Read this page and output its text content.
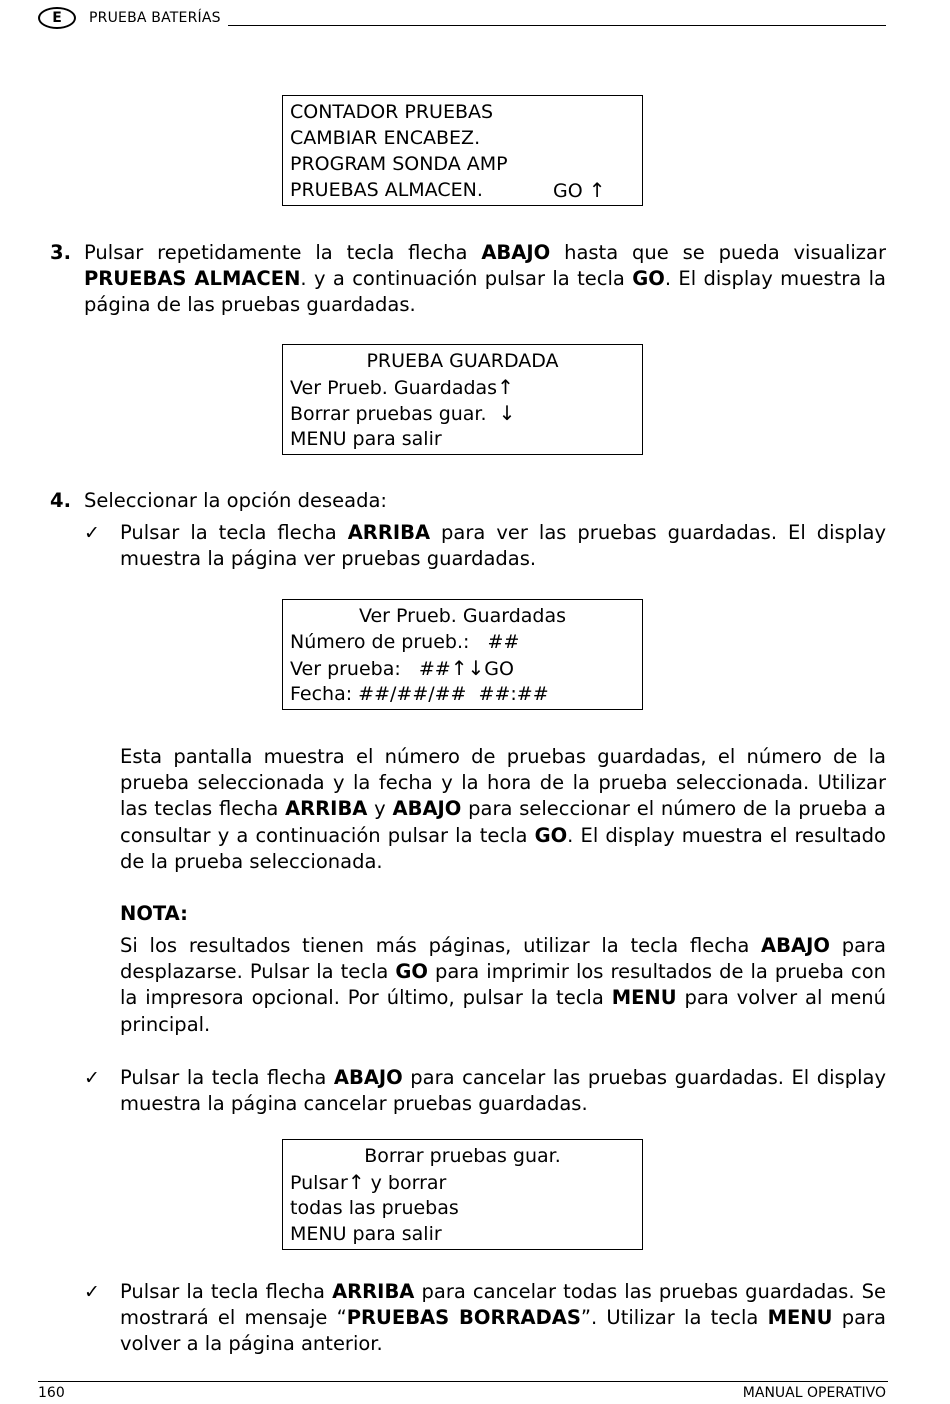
E	PRUEBA BATERÍAS
CONTADOR PRUEBAS
CAMBIAR ENCABEZ.
PROGRAM SONDA AMP
PRUEBAS ALMACEN.	GO ↑
3. Pulsar repetidamente la tecla flecha ABAJO hasta que se pueda visualizar PRUEBAS ALMACEN. y a continuación pulsar la tecla GO. El display muestra la página de las pruebas guardadas.
PRUEBA GUARDADA
Ver Prueb. Guardadas↑
Borrar pruebas guar. ↓
MENU para salir
4. Seleccionar la opción deseada:
✓ Pulsar la tecla flecha ARRIBA para ver las pruebas guardadas. El display muestra la página ver pruebas guardadas.
Ver Prueb. Guardadas
Número de prueb.:   ##
Ver prueba:   ##↑↓GO
Fecha: ##/##/##  ##:##
Esta pantalla muestra el número de pruebas guardadas, el número de la prueba seleccionada y la fecha y la hora de la prueba seleccionada. Utilizar las teclas flecha ARRIBA y ABAJO para seleccionar el número de la prueba a consultar y a continuación pulsar la tecla GO. El display muestra el resultado de la prueba seleccionada.
NOTA:
Si los resultados tienen más páginas, utilizar la tecla flecha ABAJO para desplazarse. Pulsar la tecla GO para imprimir los resultados de la prueba con la impresora opcional. Por último, pulsar la tecla MENU para volver al menú principal.
✓ Pulsar la tecla flecha ABAJO para cancelar las pruebas guardadas. El display muestra la página cancelar pruebas guardadas.
Borrar pruebas guar.
Pulsar↑ y borrar
todas las pruebas
MENU para salir
✓ Pulsar la tecla flecha ARRIBA para cancelar todas las pruebas guardadas. Se mostrará el mensaje “PRUEBAS BORRADAS”. Utilizar la tecla MENU para volver a la página anterior.
160	MANUAL OPERATIVO
